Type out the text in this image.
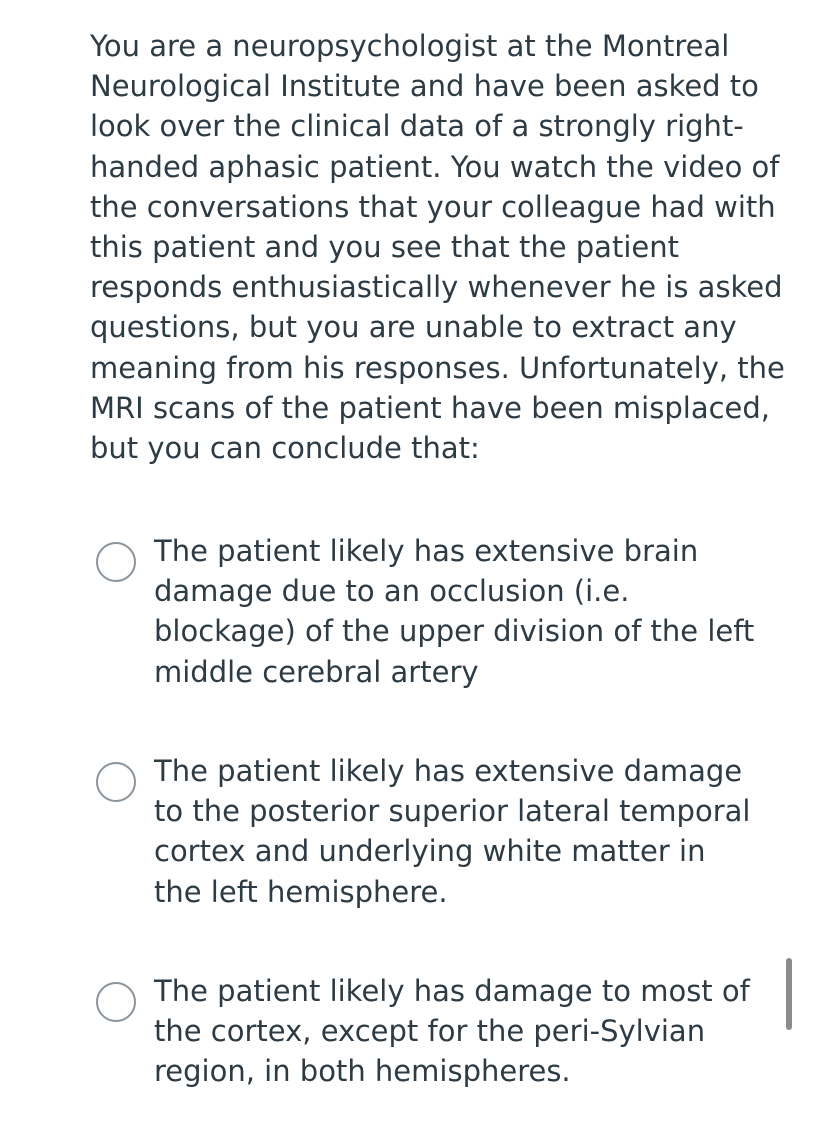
You are a neuropsychologist at the Montreal
Neurological Institute and have been asked to
look over the clinical data of a strongly right-
handed aphasic patient. You watch the video of
the conversations that your colleague had with
this patient and you see that the patient
responds enthusiastically whenever he is asked
questions, but you are unable to extract any
meaning from his responses. Unfortunately, the
MRI scans of the patient have been misplaced,
but you can conclude that:

The patient likely has extensive brain
damage due to an occlusion (i.e.
blockage) of the upper division of the left
middle cerebral artery
The patient likely has extensive damage
to the posterior superior lateral temporal
cortex and underlying white matter in
the left hemisphere.
The patient likely has damage to most of
the cortex, except for the peri-Sylvian
region, in both hemispheres.
